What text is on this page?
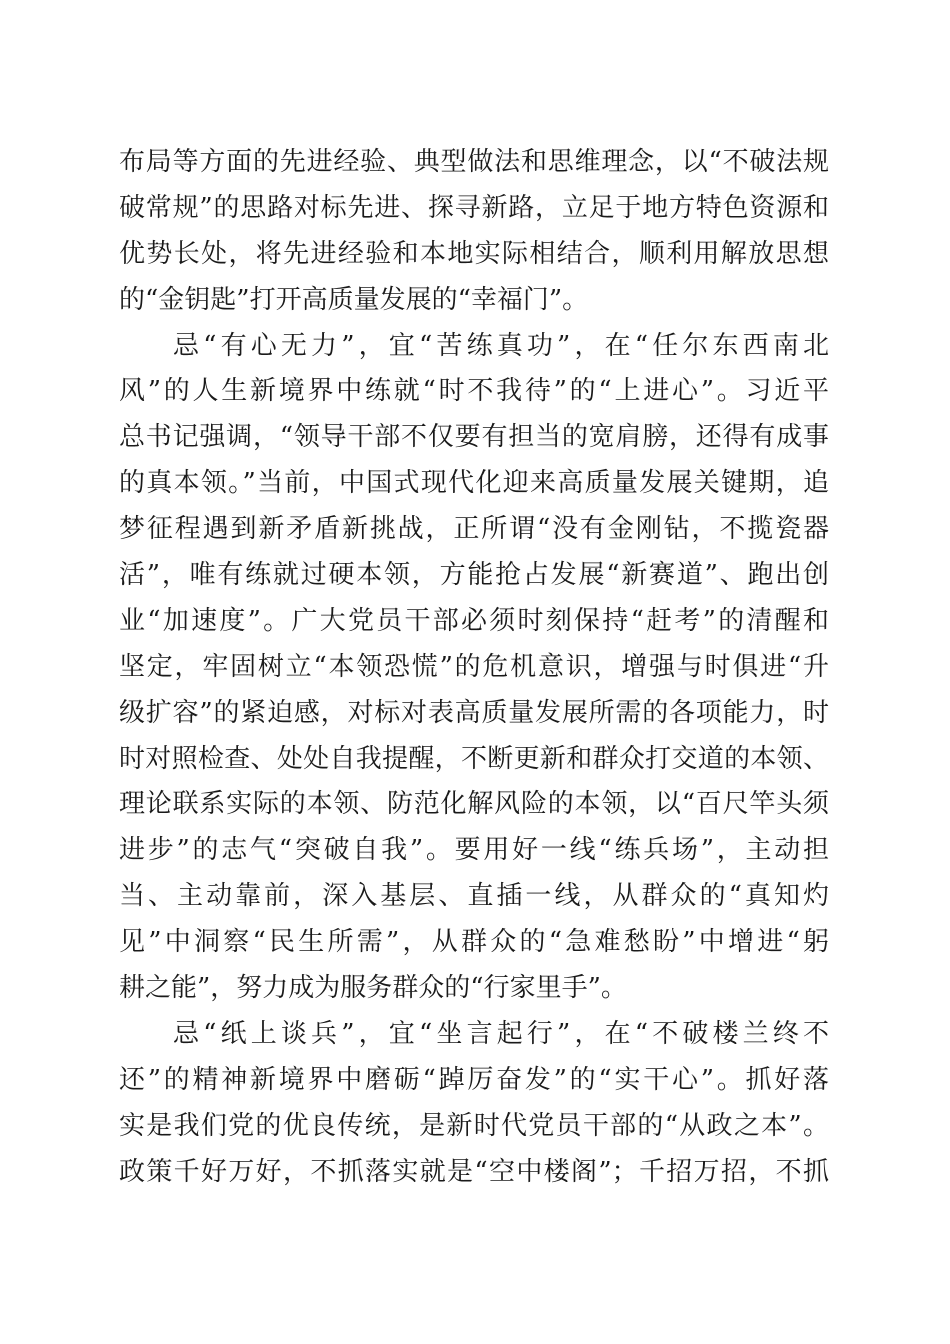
布局等方面的先进经验、典型做法和思维理念，以“不破法规
破常规”的思路对标先进、探寻新路，立足于地方特色资源和
优势长处，将先进经验和本地实际相结合，顺利用解放思想
的“金钥匙”打开高质量发展的“幸福门”。
忌“有心无力”，宜“苦练真功”，在“任尔东西南北
风”的人生新境界中练就“时不我待”的“上进心”。习近平
总书记强调，“领导干部不仅要有担当的宽肩膀，还得有成事
的真本领。”当前，中国式现代化迎来高质量发展关键期，追
梦征程遇到新矛盾新挑战，正所谓“没有金刚钻，不揽瓷器
活”，唯有练就过硬本领，方能抢占发展“新赛道”、跑出创
业“加速度”。广大党员干部必须时刻保持“赶考”的清醒和
坚定，牢固树立“本领恐慌”的危机意识，增强与时俱进“升
级扩容”的紧迫感，对标对表高质量发展所需的各项能力，时
时对照检查、处处自我提醒，不断更新和群众打交道的本领、
理论联系实际的本领、防范化解风险的本领，以“百尺竿头须
进步”的志气“突破自我”。要用好一线“练兵场”，主动担
当、主动靠前，深入基层、直插一线，从群众的“真知灼
见”中洞察“民生所需”，从群众的“急难愁盼”中增进“躬
耕之能”，努力成为服务群众的“行家里手”。
忌“纸上谈兵”，宜“坐言起行”，在“不破楼兰终不
还”的精神新境界中磨砺“踔厉奋发”的“实干心”。抓好落
实是我们党的优良传统，是新时代党员干部的“从政之本”。
政策千好万好，不抓落实就是“空中楼阁”；千招万招，不抓
